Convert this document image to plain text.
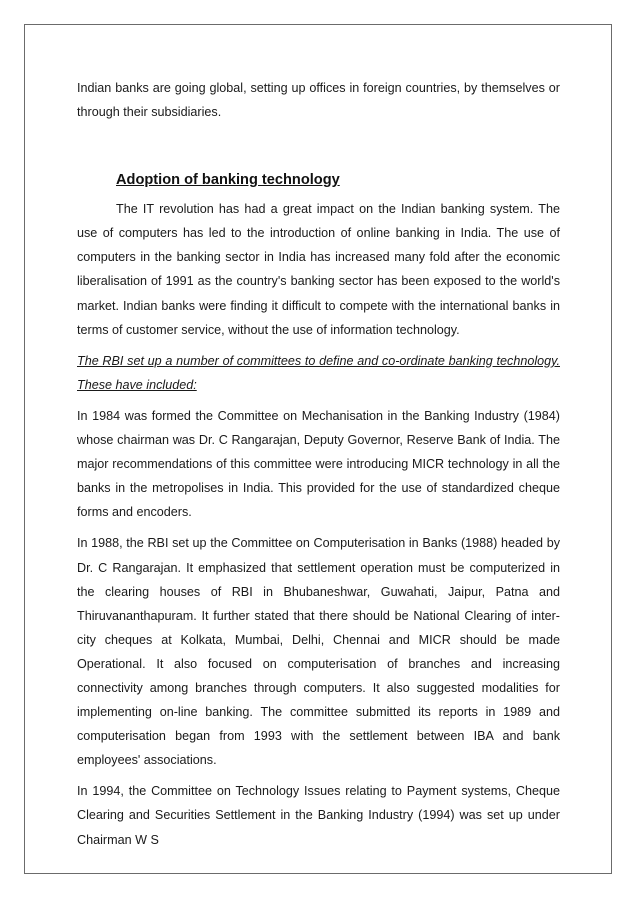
Indian banks are going global, setting up offices in foreign countries, by themselves or through their subsidiaries.

Adoption of banking technology

The IT revolution has had a great impact on the Indian banking system. The use of computers has led to the introduction of online banking in India. The use of computers in the banking sector in India has increased many fold after the economic liberalisation of 1991 as the country's banking sector has been exposed to the world's market. Indian banks were finding it difficult to compete with the international banks in terms of customer service, without the use of information technology.

The RBI set up a number of committees to define and co-ordinate banking technology. These have included:

In 1984 was formed the Committee on Mechanisation in the Banking Industry (1984) whose chairman was Dr. C Rangarajan, Deputy Governor, Reserve Bank of India. The major recommendations of this committee were introducing MICR technology in all the banks in the metropolises in India. This provided for the use of standardized cheque forms and encoders.

In 1988, the RBI set up the Committee on Computerisation in Banks (1988) headed by Dr. C Rangarajan. It emphasized that settlement operation must be computerized in the clearing houses of RBI in Bhubaneshwar, Guwahati, Jaipur, Patna and Thiruvananthapuram. It further stated that there should be National Clearing of inter-city cheques at Kolkata, Mumbai, Delhi, Chennai and MICR should be made Operational. It also focused on computerisation of branches and increasing connectivity among branches through computers. It also suggested modalities for implementing on-line banking. The committee submitted its reports in 1989 and computerisation began from 1993 with the settlement between IBA and bank employees' associations.

In 1994, the Committee on Technology Issues relating to Payment systems, Cheque Clearing and Securities Settlement in the Banking Industry (1994) was set up under Chairman W S
